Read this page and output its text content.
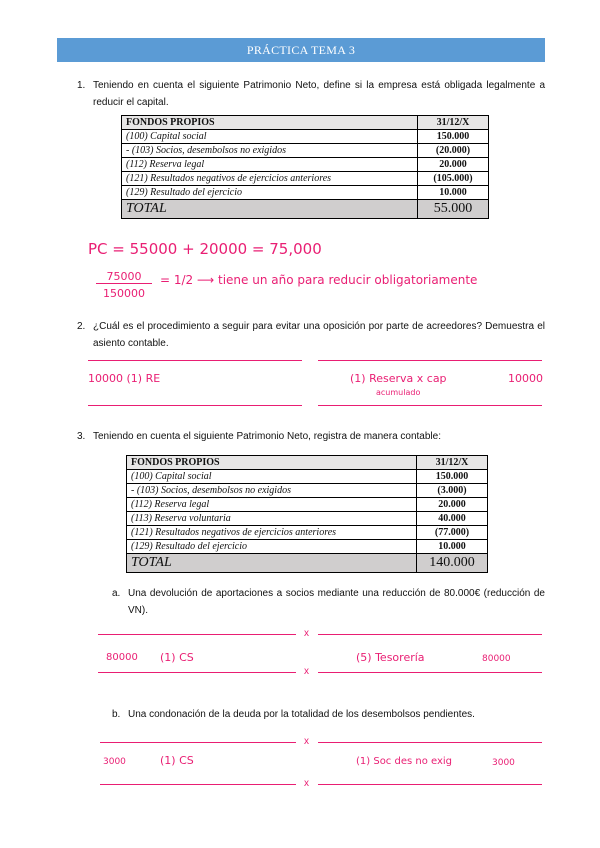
PRÁCTICA TEMA 3
1. Teniendo en cuenta el siguiente Patrimonio Neto, define si la empresa está obligada legalmente a reducir el capital.
FONDOS PROPIOS	31/12/X
(100) Capital social	150.000
- (103) Socios, desembolsos no exigidos	(20.000)
(112) Reserva legal	20.000
(121) Resultados negativos de ejercicios anteriores	(105.000)
(129) Resultado del ejercicio	10.000
TOTAL	55.000
PC = 55000 + 20000 = 75,000
75000
150000
= 1/2 ⟶ tiene un año para reducir obligatoriamente
2. ¿Cuál es el procedimiento a seguir para evitar una oposición por parte de acreedores? Demuestra el asiento contable.
10000 (1) RE	(1) Reserva x cap
acumulado
10000
3. Teniendo en cuenta el siguiente Patrimonio Neto, registra de manera contable:
FONDOS PROPIOS	31/12/X
(100) Capital social	150.000
- (103) Socios, desembolsos no exigidos	(3.000)
(112) Reserva legal	20.000
(113) Reserva voluntaria	40.000
(121) Resultados negativos de ejercicios anteriores	(77.000)
(129) Resultado del ejercicio	10.000
TOTAL	140.000
a. Una devolución de aportaciones a socios mediante una reducción de 80.000€ (reducción de VN).
x
80000 (1) CS	(5) Tesorería	80000
x
b. Una condonación de la deuda por la totalidad de los desembolsos pendientes.
x
3000	(1) CS	(1) Soc des no exig	3000
x
